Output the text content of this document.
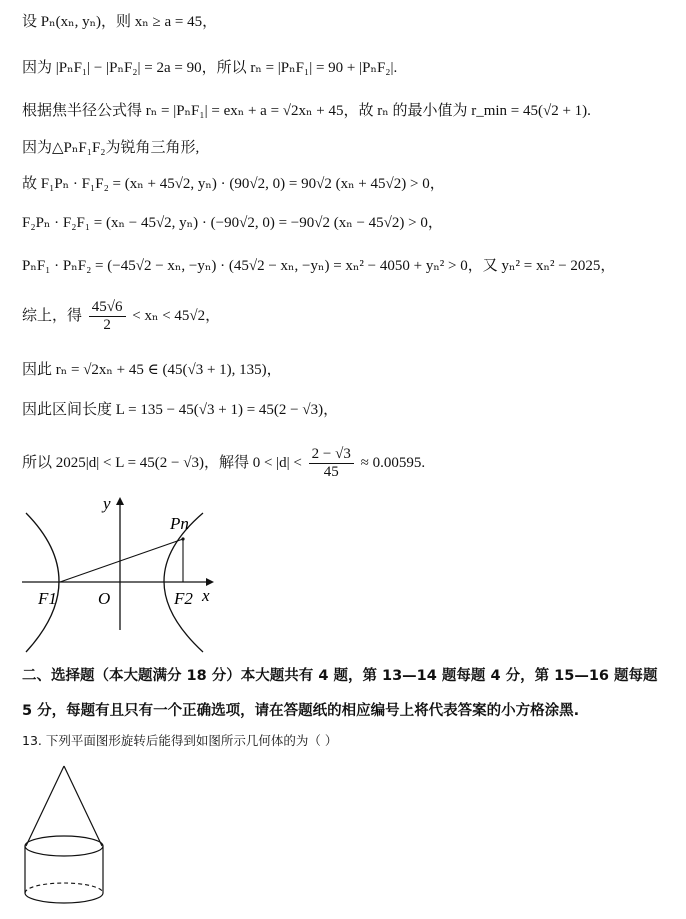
设 Pₙ(xₙ, yₙ)，则 xₙ ≥ a = 45，
因为 |PₙF₁| − |PₙF₂| = 2a = 90，所以 rₙ = |PₙF₁| = 90 + |PₙF₂|.
根据焦半径公式得 rₙ = |PₙF₁| = exₙ + a = √2xₙ + 45，故 rₙ 的最小值为 r_min = 45(√2 + 1).
因为△PₙF₁F₂为锐角三角形,
故 F₁Pₙ · F₁F₂ = (xₙ + 45√2, yₙ) · (90√2, 0) = 90√2 (xₙ + 45√2) > 0，
F₂Pₙ · F₂F₁ = (xₙ − 45√2, yₙ) · (−90√2, 0) = −90√2 (xₙ − 45√2) > 0，
PₙF₁ · PₙF₂ = (−45√2 − xₙ, −yₙ) · (45√2 − xₙ, −yₙ) = xₙ² − 4050 + yₙ² > 0，又 yₙ² = xₙ² − 2025，
综上，得 $\frac{45√6}{2} < x_n < 45√2$，
因此 rₙ = √2xₙ + 45 ∈ (45(√3 + 1), 135)，
因此区间长度 L = 135 − 45(√3 + 1) = 45(2 − √3)，
所以 2025|d| < L = 45(2 − √3)，解得 $0 < |d| < \frac{2 - √3}{45} \approx 0.00595$.
y
x
Pn
F1 O	F2
二、选择题（本大题满分 18 分）本大题共有 4 题，第 13—14 题每题 4 分，第 15—16 题每题
5 分，每题有且只有一个正确选项，请在答题纸的相应编号上将代表答案的小方格涂黑.
13. 下列平面图形旋转后能得到如图所示几何体的为（ ）
